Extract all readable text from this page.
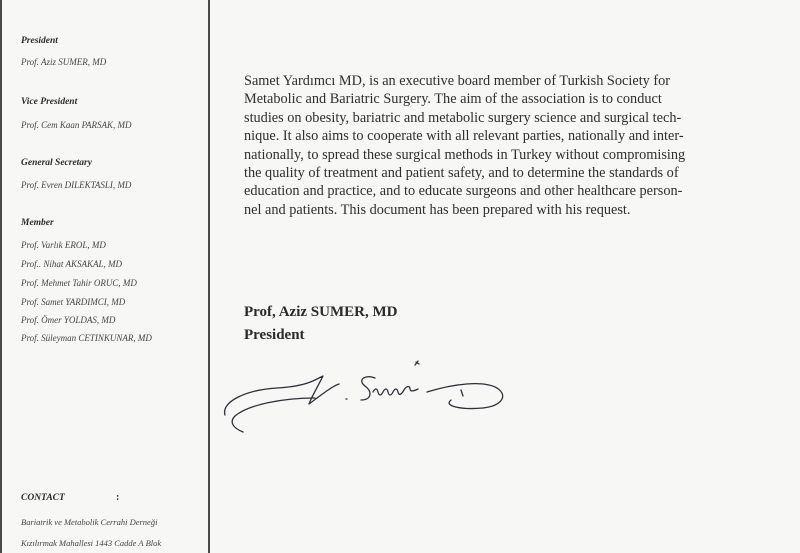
President
Prof. Aziz SUMER, MD
Vice President
Prof. Cem Kaan PARSAK, MD
General Secretary
Prof. Evren DILEKTASLI, MD
Member
Prof. Varlık EROL, MD
Prof.. Nihat AKSAKAL, MD
Prof. Mehmet Tahir ORUC, MD
Prof. Samet YARDIMCI, MD
Prof. Ömer YOLDAS, MD
Prof. Süleyman CETINKUNAR, MD
CONTACT	:
Bariatrik ve Metabolik Cerrahi Derneği
Kızılırmak Mahallesi 1443 Cadde A Blok
Samet Yardımcı MD, is an executive board member of Turkish Society for
Metabolic and Bariatric Surgery. The aim of the association is to conduct
studies on obesity, bariatric and metabolic surgery science and surgical tech-
nique. It also aims to cooperate with all relevant parties, nationally and inter-
nationally, to spread these surgical methods in Turkey without compromising
the quality of treatment and patient safety, and to determine the standards of
education and practice, and to educate surgeons and other healthcare person-
nel and patients. This document has been prepared with his request.
Prof, Aziz SUMER, MD
President
